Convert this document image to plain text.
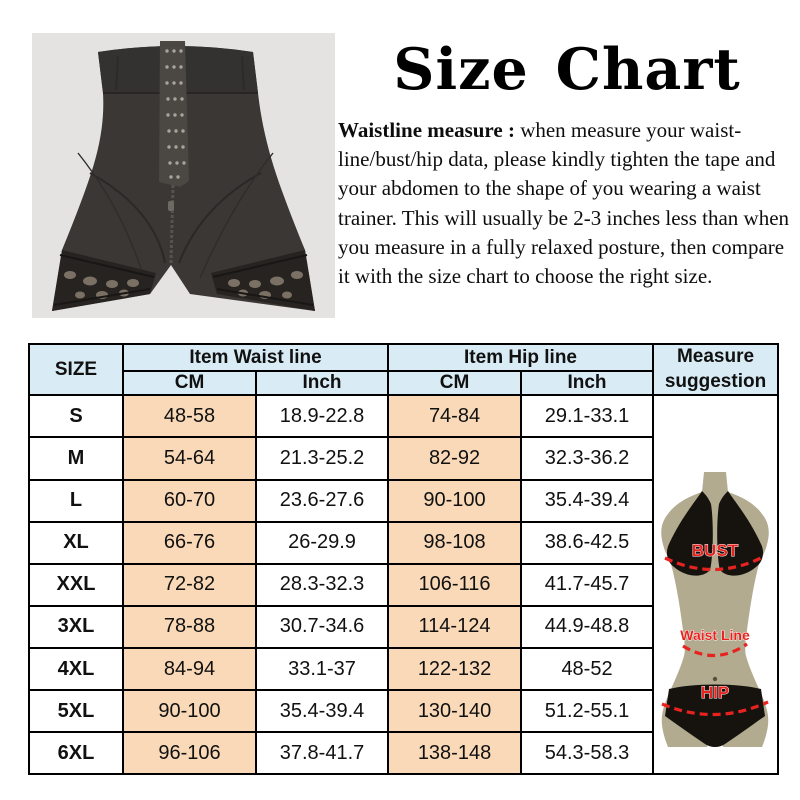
Size Chart

Waistline measure : when measure your waist-line/bust/hip data, please kindly tighten the tape and your abdomen to the shape of you wearing a waist trainer. This will usually be 2-3 inches less than when you measure in a fully relaxed posture, then compare it with the size chart to choose the right size.

SIZE	Item Waist line		Item Hip line		Measure
suggestion

	CM	Inch	CM	Inch	
S	48-58	18.9-22.8	74-84	29.1-33.1	BUST
Waist Line
HIP

M	54-64	21.3-25.2	82-92	32.3-36.2	
L	60-70	23.6-27.6	90-100	35.4-39.4	
XL	66-76	26-29.9	98-108	38.6-42.5	
XXL	72-82	28.3-32.3	106-116	41.7-45.7	
3XL	78-88	30.7-34.6	114-124	44.9-48.8	
4XL	84-94	33.1-37	122-132	48-52	
5XL	90-100	35.4-39.4	130-140	51.2-55.1	
6XL	96-106	37.8-41.7	138-148	54.3-58.3	
